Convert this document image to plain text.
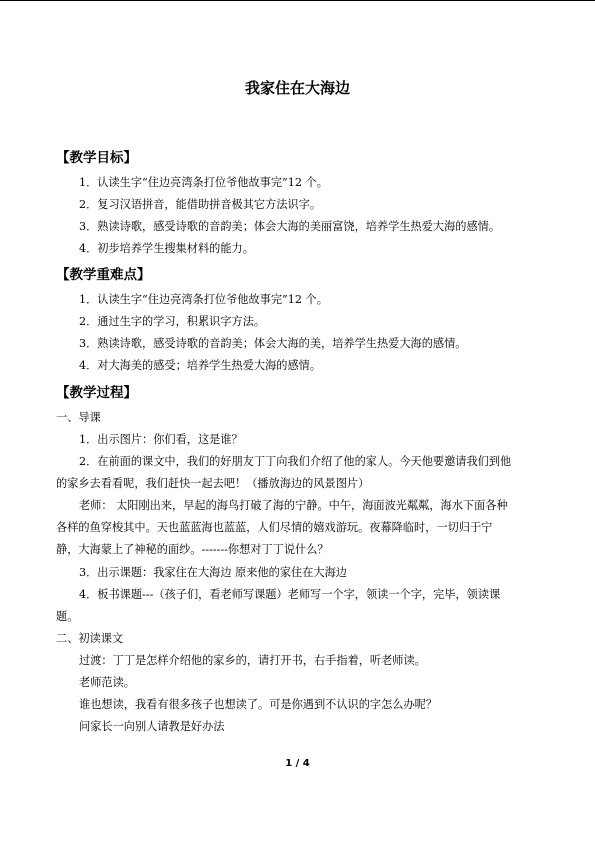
我家住在大海边
【教学目标】
1．认读生字“住边亮湾条打位爷他故事完”12 个。
2．复习汉语拼音，能借助拼音极其它方法识字。
3．熟读诗歌，感受诗歌的音韵美；体会大海的美丽富饶，培养学生热爱大海的感情。
4．初步培养学生搜集材料的能力。
【教学重难点】
1．认读生字“住边亮湾条打位爷他故事完”12 个。
2．通过生字的学习，积累识字方法。
3．熟读诗歌，感受诗歌的音韵美；体会大海的美，培养学生热爱大海的感情。
4．对大海美的感受；培养学生热爱大海的感情。
【教学过程】
一、导课
1．出示图片：你们看，这是谁？
2．在前面的课文中，我们的好朋友丁丁向我们介绍了他的家人。今天他要邀请我们到他
的家乡去看看呢，我们赶快一起去吧！（播放海边的风景图片）
老师： 太阳刚出来，早起的海鸟打破了海的宁静。中午，海面波光粼粼，海水下面各种
各样的鱼穿梭其中。天也蓝蓝海也蓝蓝，人们尽情的嬉戏游玩。夜幕降临时，一切归于宁
静，大海蒙上了神秘的面纱。-------你想对丁丁说什么？
3．出示课题：我家住在大海边 原来他的家住在大海边
4．板书课题---（孩子们，看老师写课题）老师写一个字，领读一个字，完毕，领读课
题。
二、初读课文
过渡：丁丁是怎样介绍他的家乡的，请打开书，右手指着，听老师读。
老师范读。
谁也想读，我看有很多孩子也想读了。可是你遇到不认识的字怎么办呢？
问家长一向别人请教是好办法
1 / 4
